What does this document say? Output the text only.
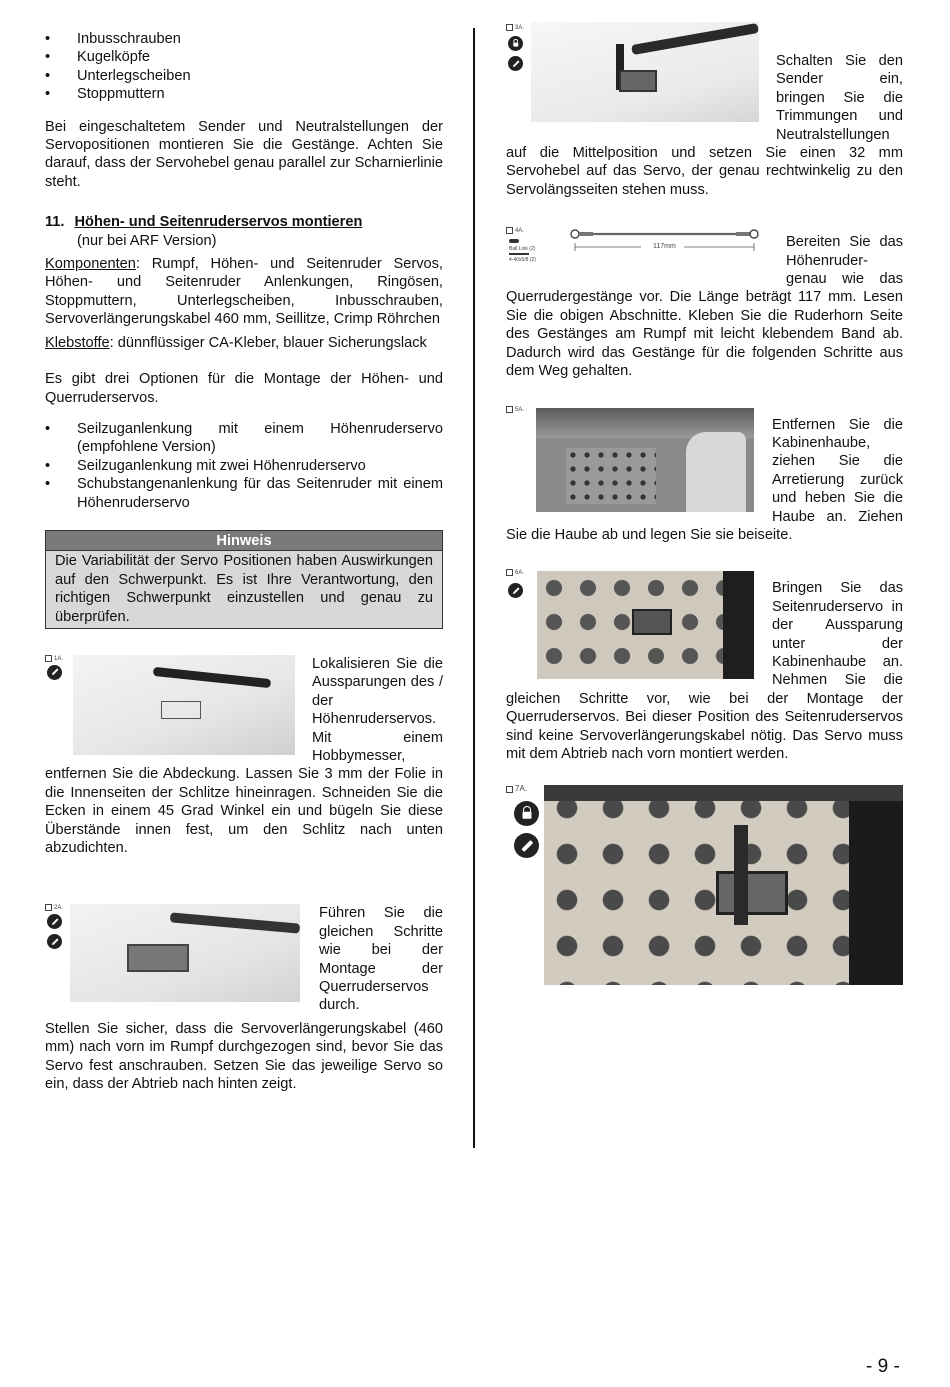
• Inbusschrauben
• Kugelköpfe
• Unterlegscheiben
• Stoppmuttern

Bei eingeschaltetem Sender und Neutralstellungen der Servopositionen montieren Sie die Gestänge. Achten Sie darauf, dass der Servohebel genau parallel zur Scharnierlinie steht.

11. Höhen- und Seitenruderservos montieren
(nur bei ARF Version)

Komponenten: Rumpf, Höhen- und Seitenruder Servos, Höhen- und Seitenruder Anlenkungen, Ringösen, Stoppmuttern, Unterlegscheiben, Inbusschrauben, Servoverlängerungskabel 460 mm, Seillitze, Crimp Röhrchen

Klebstoffe: dünnflüssiger CA-Kleber, blauer Sicherungslack

Es gibt drei Optionen für die Montage der Höhen- und Querruderservos.

• Seilzuganlenkung mit einem Höhenruderservo (empfohlene Version)
• Seilzuganlenkung mit zwei Höhenruderservo
• Schubstangenanlenkung für das Seitenruder mit einem Höhenruderservo
Hinweis
Die Variabilität der Servo Positionen haben Auswirkungen auf den Schwerpunkt. Es ist Ihre Verantwortung, den richtigen Schwerpunkt einzustellen und genau zu überprüfen.
1A.	Lokalisieren Sie die Aussparungen des / der Höhenruderservos. Mit einem Hobbymesser, entfernen Sie die Abdeckung. Lassen Sie 3 mm der Folie in die Innenseiten der Schlitze hineinragen. Schneiden Sie die Ecken in einem 45 Grad Winkel ein und bügeln Sie diese Überstände innen fest, um den Schlitz nach unten abzudichten.

2A.	Führen Sie die gleichen Schritte wie bei der Montage der Querruderservos durch.

Stellen Sie sicher, dass die Servoverlängerungskabel (460 mm) nach vorn im Rumpf durchgezogen sind, bevor Sie das Servo fest anschrauben. Setzen Sie das jeweilige Servo so ein, dass der Abtrieb nach hinten zeigt.

3A.

Schalten Sie den Sender ein, bringen Sie die Trimmungen und Neutralstellungen auf die Mittelposition und setzen Sie einen 32 mm Servohebel auf das Servo, der genau rechtwinkelig zu den Servolängsseiten stehen muss.

4A.
Ball Link (2)
4-40x5/8 (2)
117mm	Bereiten Sie das Höhenruder-genau wie das Querrudergestänge vor. Die Länge beträgt 117 mm. Lesen Sie die obigen Abschnitte. Kleben Sie die Ruderhorn Seite des Gestänges am Rumpf mit leicht klebendem Band ab. Dadurch wird das Gestänge für die folgenden Schritte aus dem Weg gehalten.

5A.

Entfernen Sie die Kabinenhaube, ziehen Sie die Arretierung zurück und heben Sie die Haube an. Ziehen Sie die Haube ab und legen Sie sie beiseite.

6A.

Bringen Sie das Seitenruderservo in der Aussparung unter der Kabinenhaube an. Nehmen Sie die gleichen Schritte vor, wie bei der Montage der Querruderservos. Bei dieser Position des Seitenruderservos sind keine Servoverlängerungskabel nötig. Das Servo muss mit dem Abtrieb nach vorn montiert werden.

7A.
- 9 -
